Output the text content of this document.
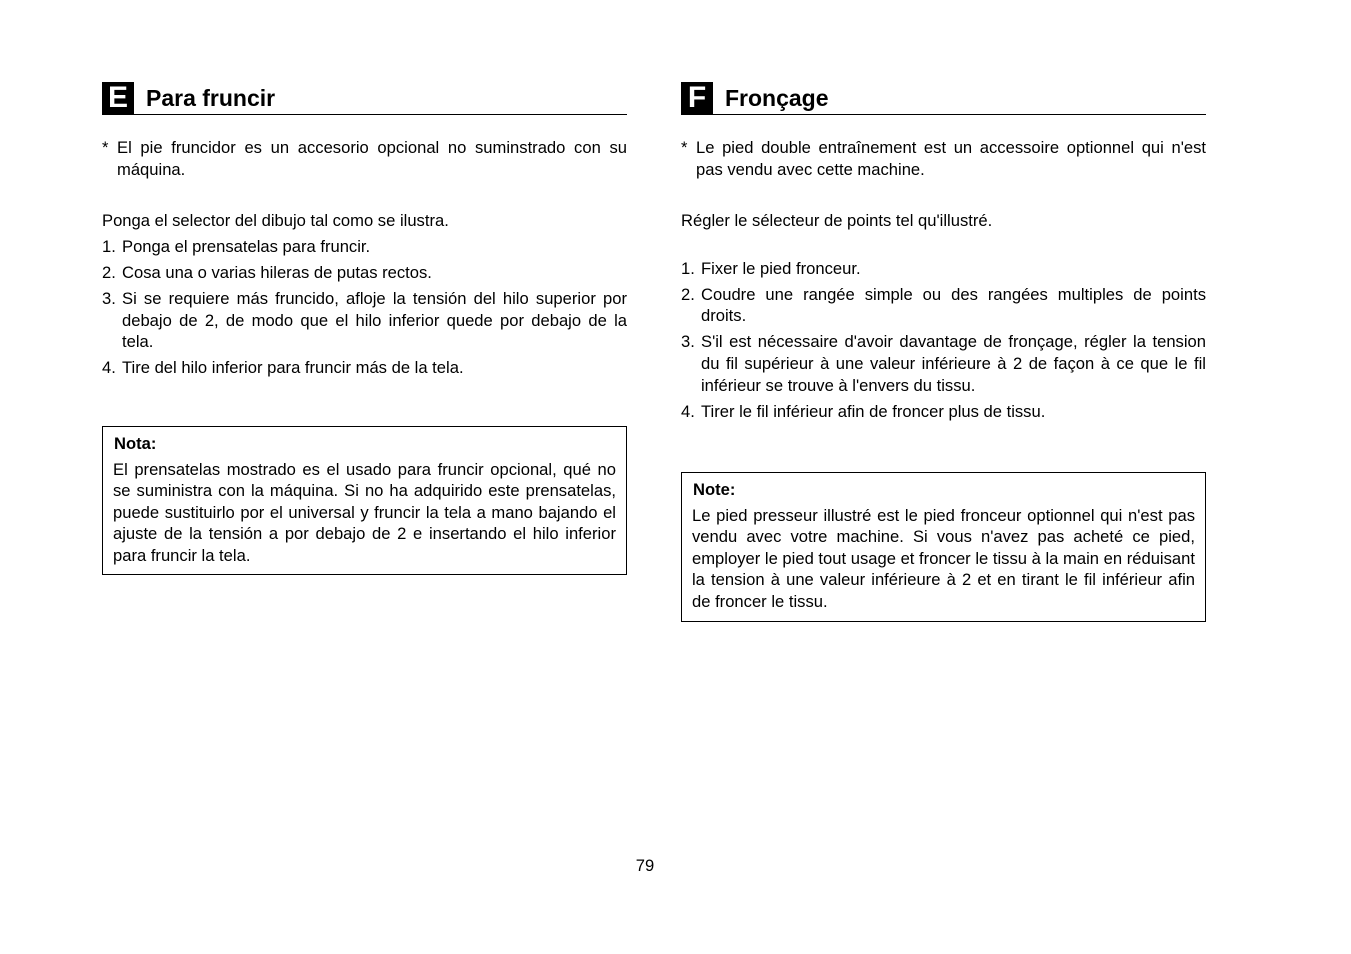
E Para fruncir
* El pie fruncidor es un accesorio opcional no suminstrado con su máquina.
Ponga el selector del dibujo tal como se ilustra.
1. Ponga el prensatelas para fruncir.
2. Cosa una o varias hileras de putas rectos.
3. Si se requiere más fruncido, afloje la tensión del hilo superior por debajo de 2, de modo que el hilo inferior quede por debajo de la tela.
4. Tire del hilo inferior para fruncir más de la tela.
Nota:
El prensatelas mostrado es el usado para fruncir opcional, qué no se suministra con la máquina. Si no ha adquirido este prensatelas, puede sustituirlo por el universal y fruncir la tela a mano bajando el ajuste de la tensión a por debajo de 2 e insertando el hilo inferior para fruncir la tela.
F Fronçage
* Le pied double entraînement est un accessoire optionnel qui n'est pas vendu avec cette machine.
Régler le sélecteur de points tel qu'illustré.
1. Fixer le pied fronceur.
2. Coudre une rangée simple ou des rangées multiples de points droits.
3. S'il est nécessaire d'avoir davantage de fronçage, régler la tension du fil supérieur à une valeur inférieure à 2 de façon à ce que le fil inférieur se trouve à l'envers du tissu.
4. Tirer le fil inférieur afin de froncer plus de tissu.
Note:
Le pied presseur illustré est le pied fronceur optionnel qui n'est pas vendu avec votre machine. Si vous n'avez pas acheté ce pied, employer le pied tout usage et froncer le tissu à la main en réduisant la tension à une valeur inférieure à 2 et en tirant le fil inférieur afin de froncer le tissu.
79
